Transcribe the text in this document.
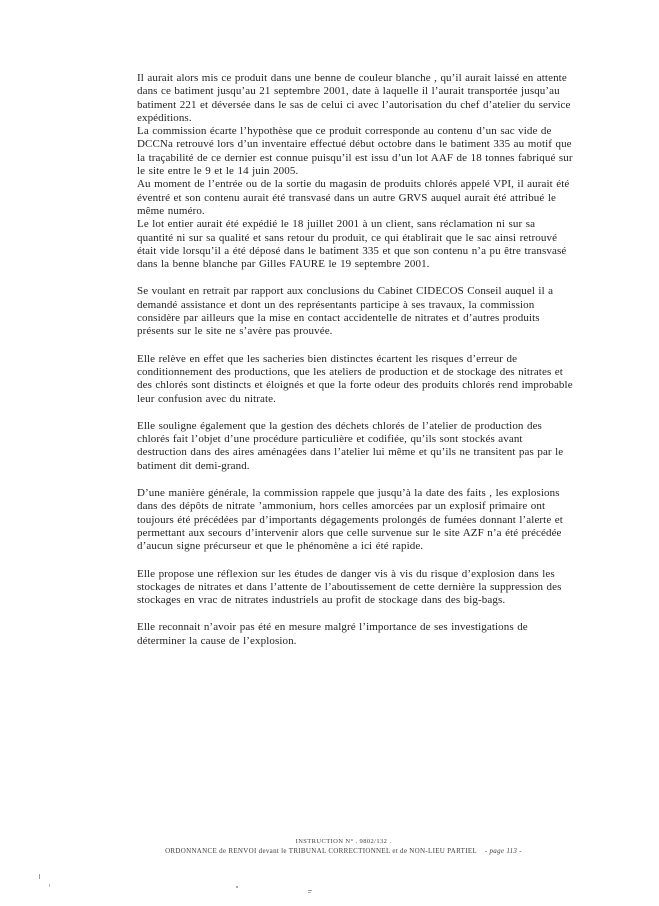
Il aurait alors mis ce produit dans une benne de couleur blanche , qu’il aurait laissé en attente dans ce batiment jusqu’au 21 septembre 2001, date à laquelle il l’aurait transportée jusqu’au batiment 221 et déversée dans le sas de celui ci avec l’autorisation du chef d’atelier du service expéditions.

La commission écarte l’hypothèse que ce produit corresponde au contenu d’un sac vide de DCCNa retrouvé lors d’un inventaire effectué début octobre dans le batiment 335 au motif que la traçabilité de ce dernier est connue puisqu’il est issu d’un lot AAF de 18 tonnes fabriqué sur le site entre le 9 et le 14 juin 2005.

Au moment de l’entrée ou de la sortie du magasin de produits chlorés appelé VPI, il aurait été éventré et son contenu aurait été transvasé dans un autre GRVS auquel aurait été attribué le même numéro.

Le lot entier aurait été expédié le 18 juillet 2001 à un client, sans réclamation ni sur sa quantité ni sur sa qualité et sans retour du produit, ce qui établirait que le sac ainsi retrouvé était vide lorsqu’il a été déposé dans le batiment 335 et que son contenu n’a pu être transvasé dans la benne blanche par Gilles FAURE le 19 septembre 2001.

Se voulant en retrait par rapport aux conclusions du Cabinet CIDECOS Conseil auquel il a demandé assistance et dont un des représentants participe à ses travaux, la commission considère par ailleurs que la mise en contact accidentelle de nitrates et d’autres produits présents sur le site ne s’avère pas prouvée.

Elle relève en effet que les sacheries bien distinctes écartent les risques d’erreur de conditionnement des productions, que les ateliers de production et de stockage des nitrates et des chlorés sont distincts et éloignés et que la forte odeur des produits chlorés rend improbable leur confusion avec du nitrate.

Elle souligne également que la gestion des déchets chlorés de l’atelier de production des chlorés fait l’objet d’une procédure particulière et codifiée, qu’ils sont stockés avant destruction dans des aires aménagées dans l’atelier lui même et qu’ils ne transitent pas par le batiment dit demi-grand.

D’une manière générale, la commission rappele que jusqu’à la date des faits , les explosions dans des dépôts de nitrate ’ammonium, hors celles amorcées par un explosif primaire ont toujours été précédées par d’importants dégagements prolongés de fumées donnant l’alerte et permettant aux secours d’intervenir alors que celle survenue sur le site AZF n’a été précédée d’aucun signe précurseur et que le phénomène a ici été rapide.

Elle propose une réflexion sur les études de danger vis à vis du risque d’explosion dans les stockages de nitrates et dans l’attente de l’aboutissement de cette dernière la suppression des stockages en vrac de nitrates industriels au profit de stockage dans des big-bags.

Elle reconnait n’avoir pas été en mesure malgré l’importance de ses investigations de déterminer la cause de l’explosion.

INSTRUCTION N° . 9802/132 .
ORDONNANCE de RENVOI devant le TRIBUNAL CORRECTIONNEL et de NON-LIEU PARTIEL - page 113 -
